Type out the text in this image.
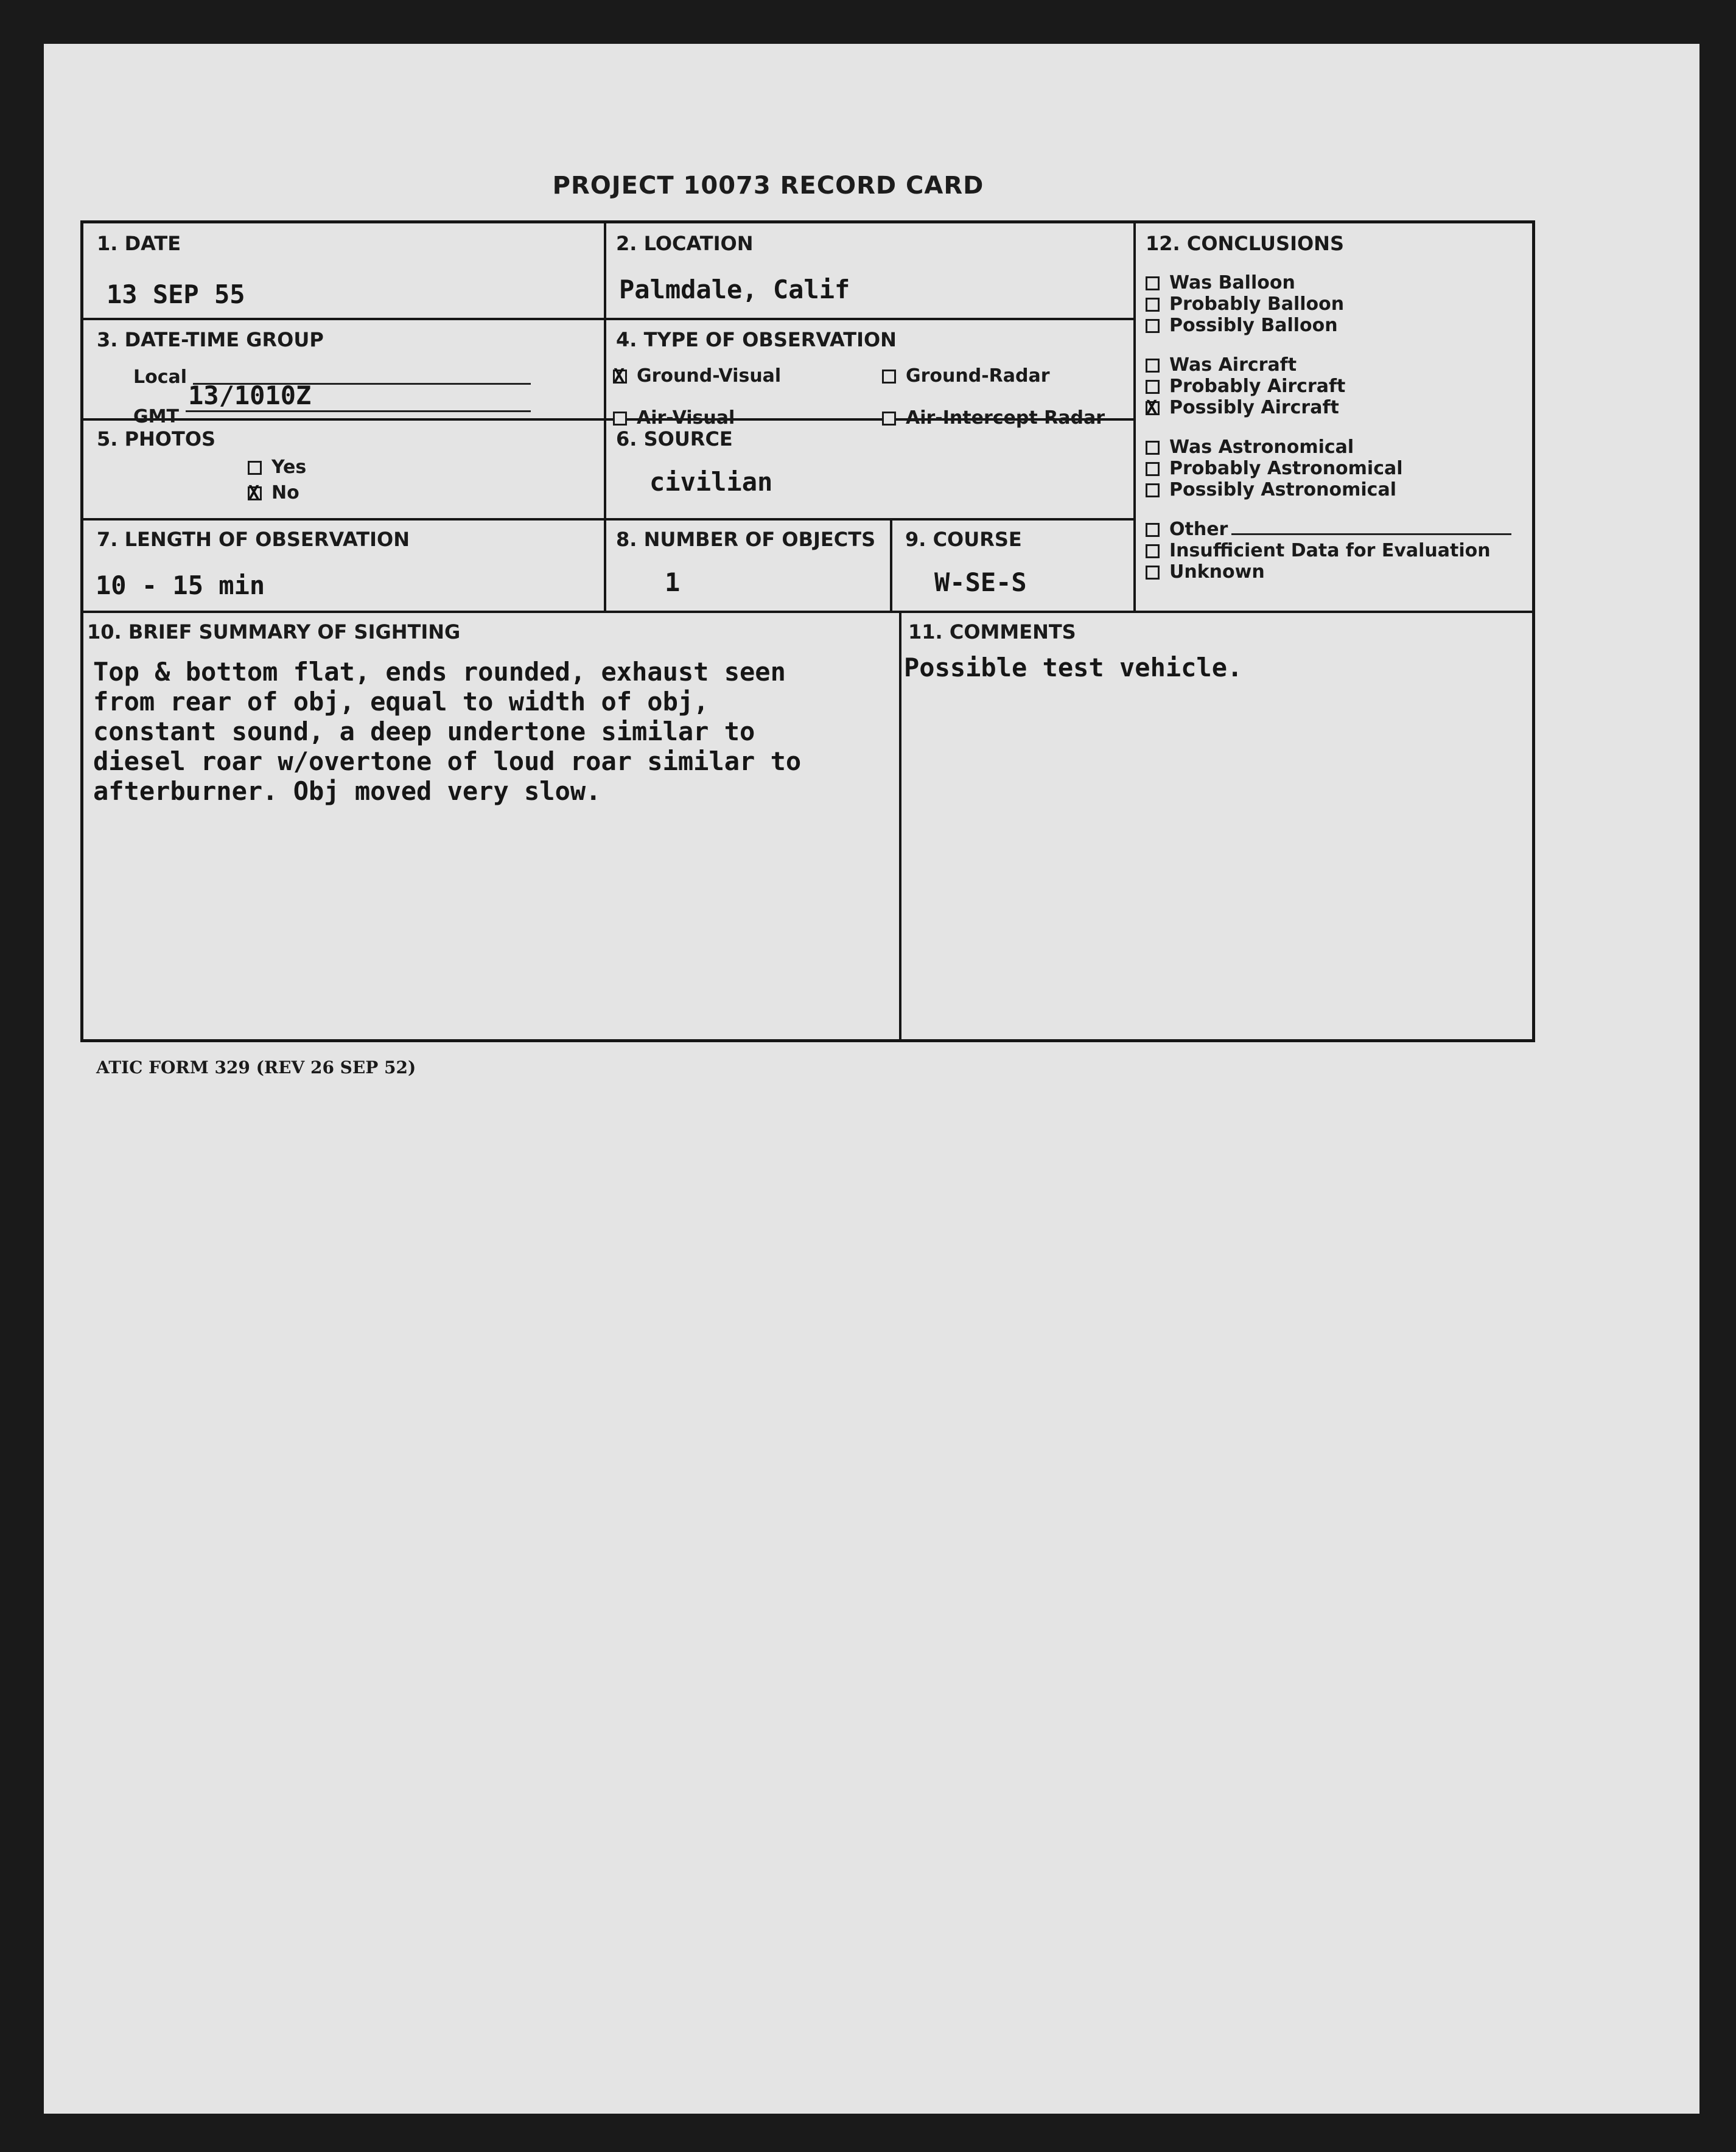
PROJECT 10073 RECORD CARD
1. DATE
13 SEP 55
2. LOCATION
Palmdale, Calif
3. DATE-TIME GROUP
Local
GMT
13/1010Z
4. TYPE OF OBSERVATION
XGround-Visual	Ground-Radar
Air-Visual	Air-Intercept Radar
5. PHOTOS
Yes
XNo
6. SOURCE
civilian
7. LENGTH OF OBSERVATION
10 - 15 min
8. NUMBER OF OBJECTS
1
9. COURSE
W-SE-S
10. BRIEF SUMMARY OF SIGHTING
Top & bottom flat, ends rounded, exhaust seen
from rear of obj, equal to width of obj,
constant sound, a deep undertone similar to
diesel roar w/overtone of loud roar similar to
afterburner. Obj moved very slow.
11. COMMENTS
Possible test vehicle.
12. CONCLUSIONS
Was Balloon
Probably Balloon
Possibly Balloon
Was Aircraft
Probably Aircraft
XPossibly Aircraft
Was Astronomical
Probably Astronomical
Possibly Astronomical
Other
Insufficient Data for Evaluation
Unknown
ATIC FORM 329 (REV 26 SEP 52)
